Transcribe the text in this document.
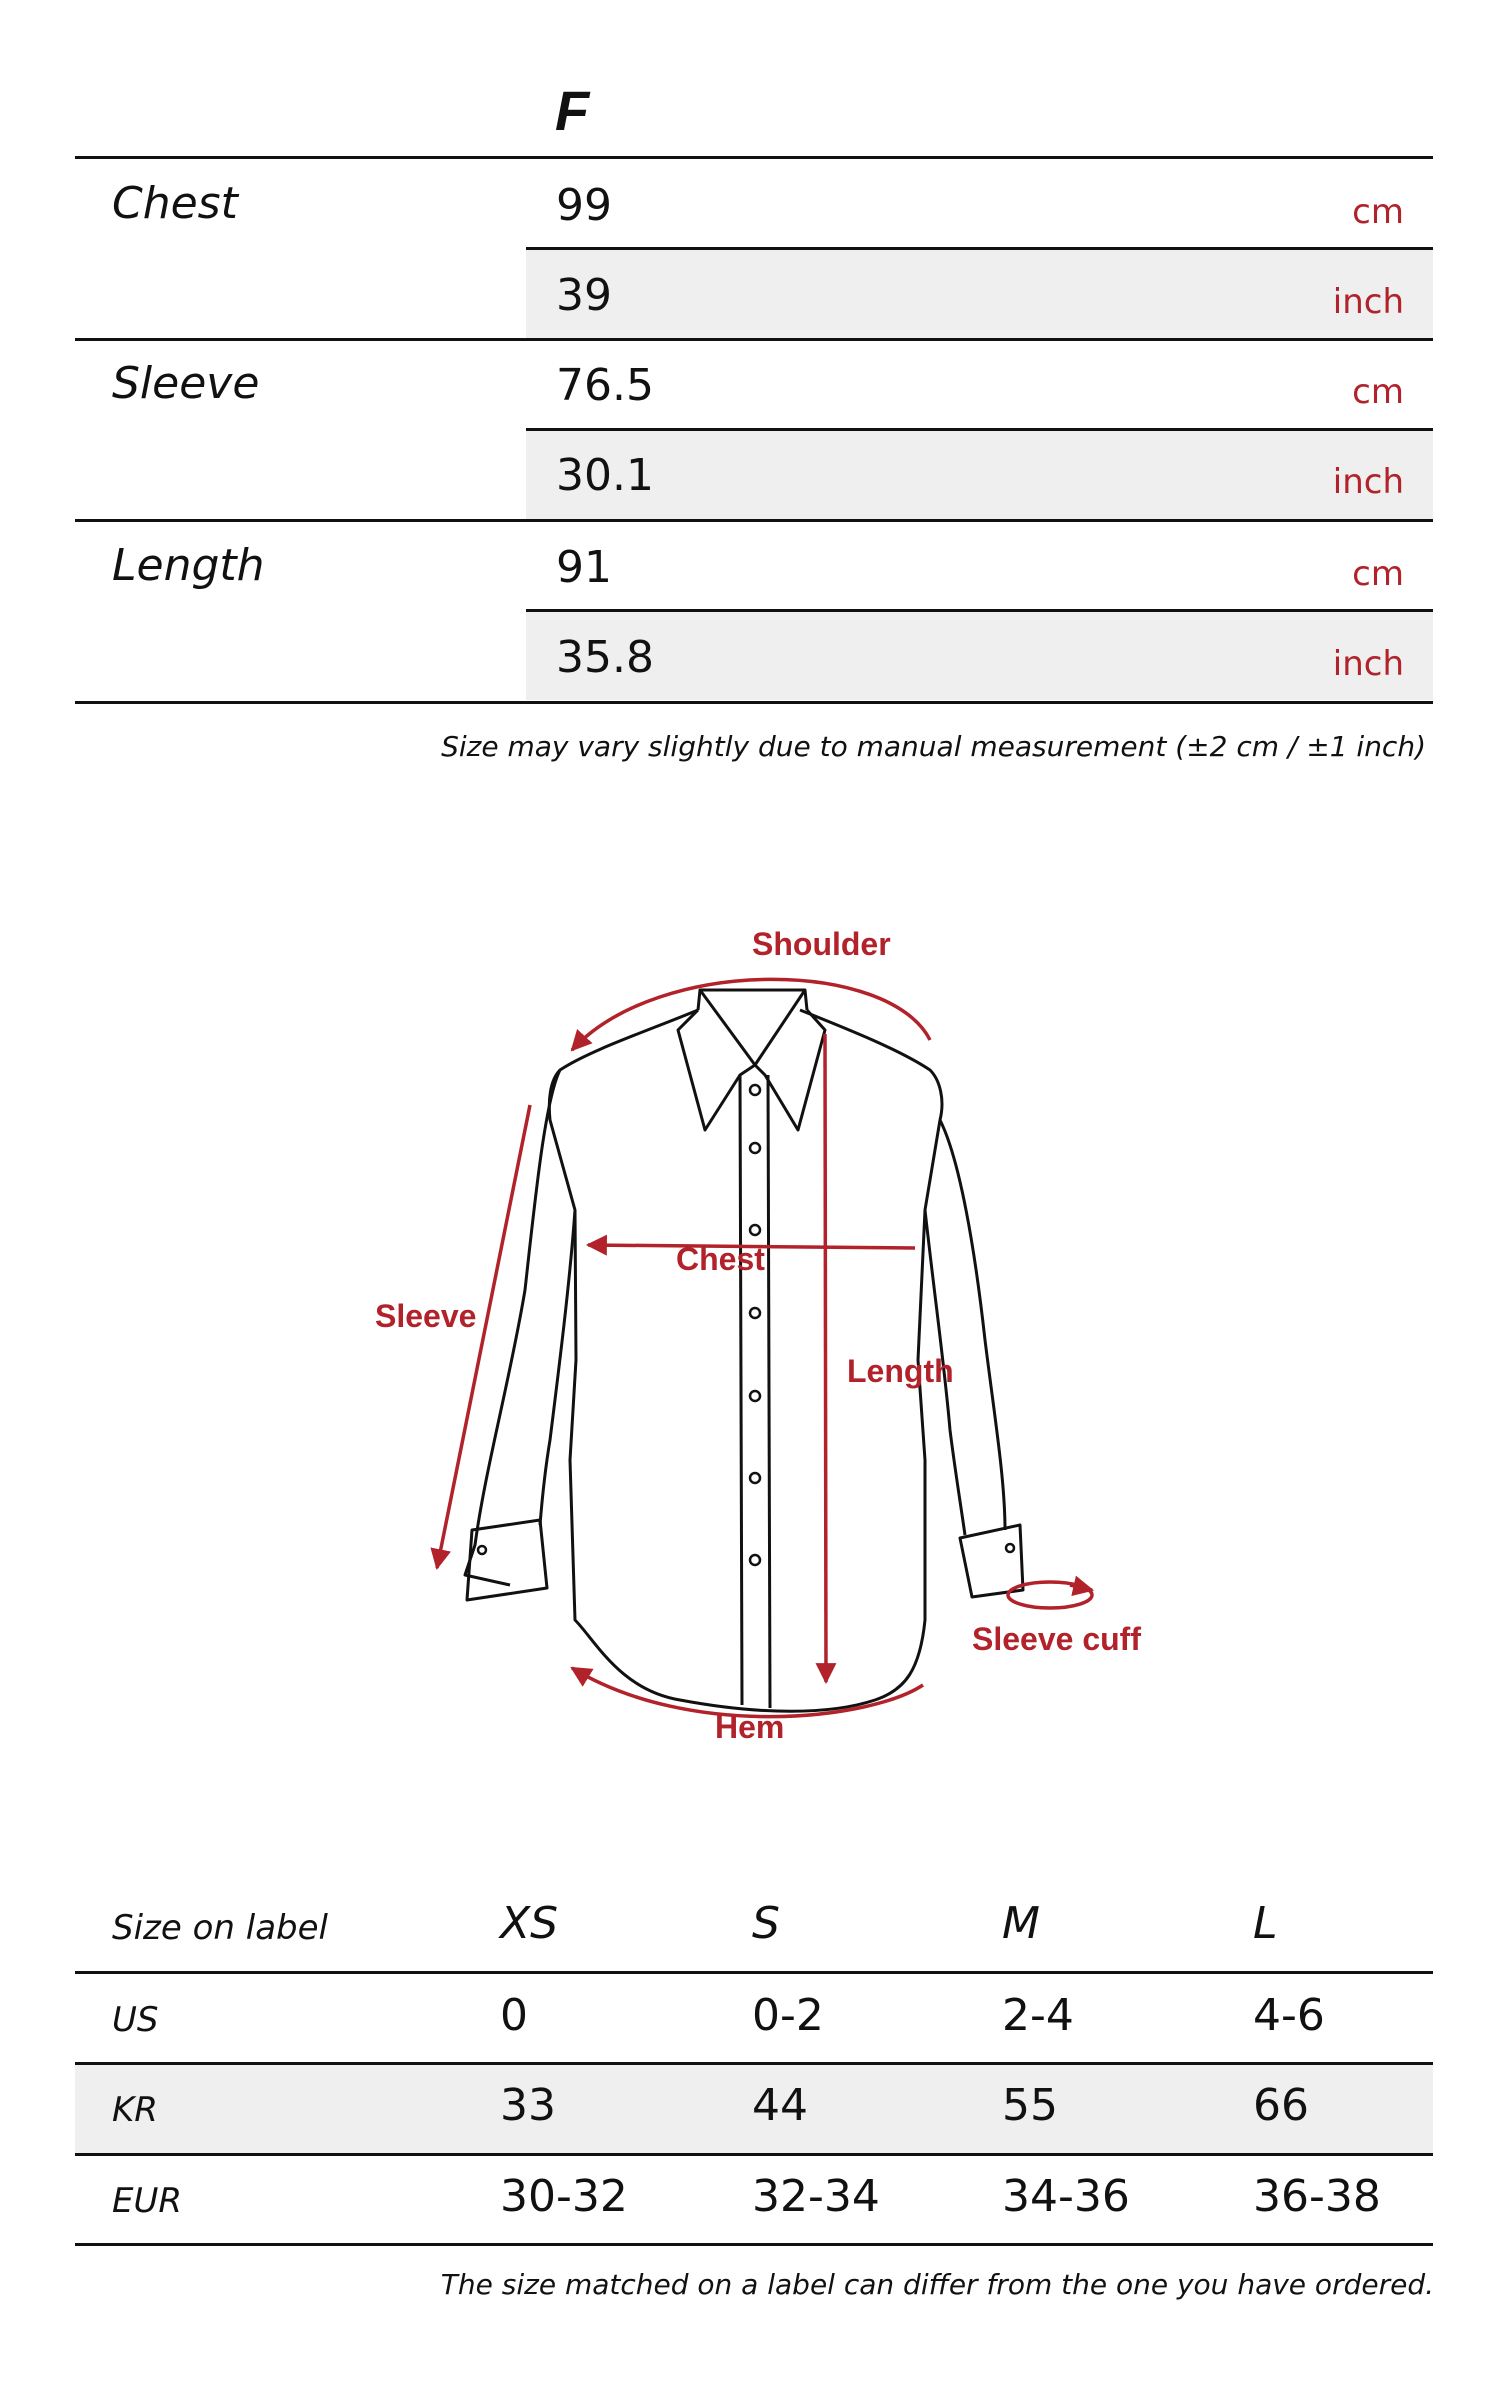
F
Chest	99	cm
39	inch
Sleeve	76.5	cm
30.1	inch
Length	91	cm
35.8	inch
Size may vary slightly due to manual measurement (±2 cm / ±1 inch)
Shoulder
Chest
Sleeve
Length
Sleeve cuff
Hem
Size on label	XS	S	M	L
US	0	0-2	2-4	4-6
KR	33	44	55	66
EUR	30-32	32-34	34-36	36-38
The size matched on a label can differ from the one you have ordered.
